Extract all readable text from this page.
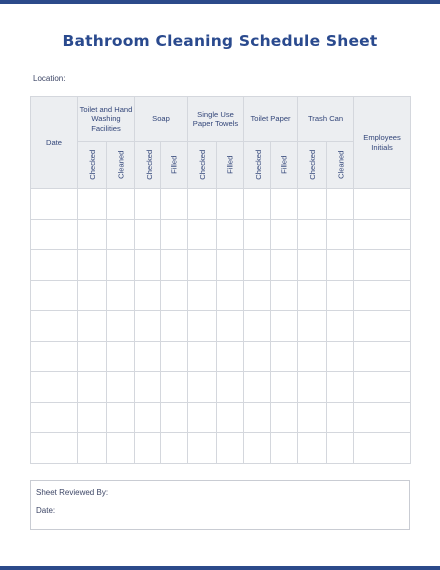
Bathroom Cleaning Schedule Sheet
Location:
Date	Toilet and Hand Washing Facilities		Soap		Single Use Paper Towels		Toilet Paper		Trash Can		Employees Initials
	Checked	Cleaned	Checked	Filled	Checked	Filled	Checked	Filled	Checked	Cleaned	

Sheet Reviewed By:
Date:
